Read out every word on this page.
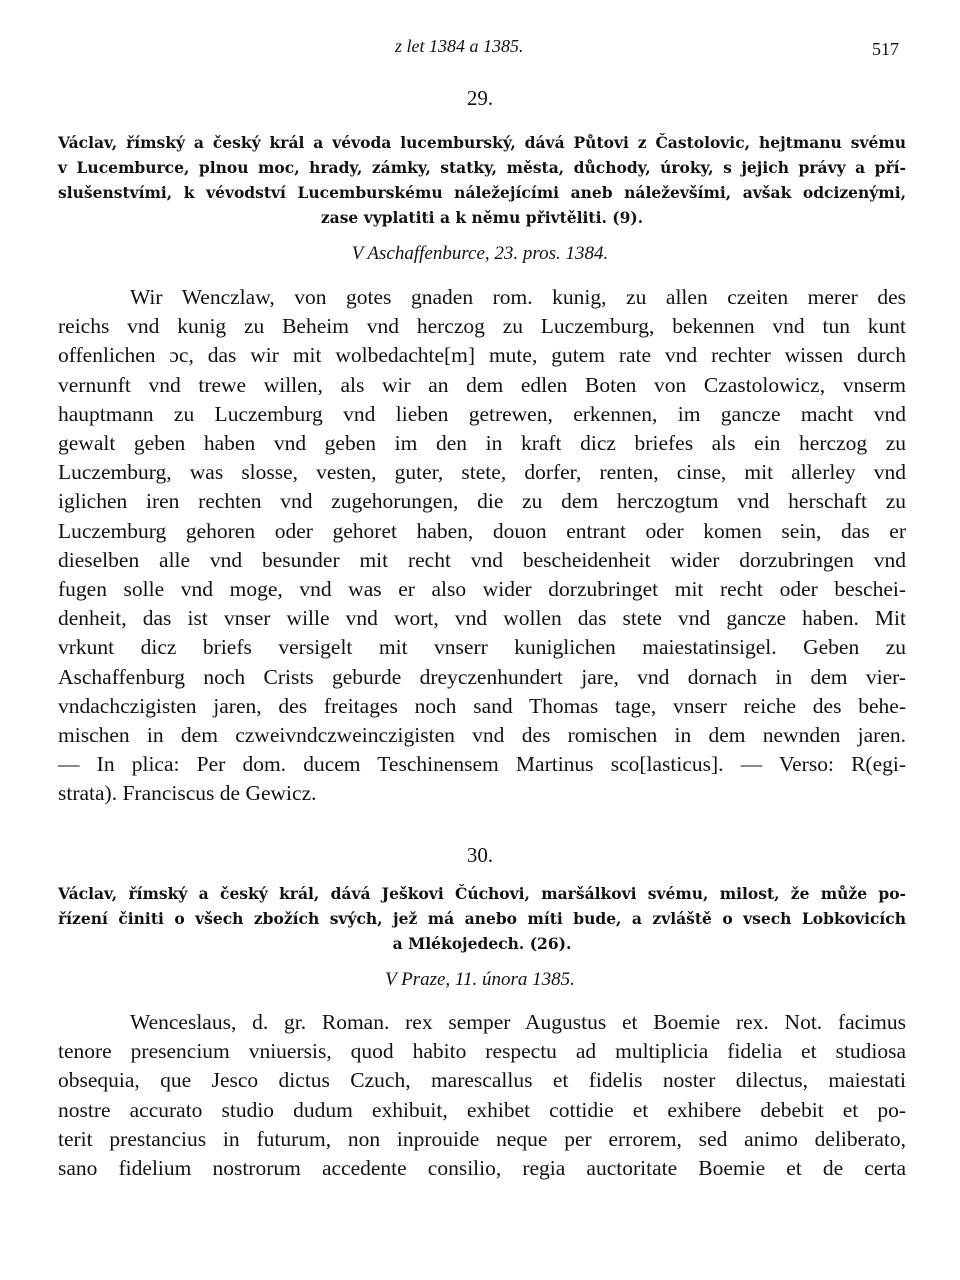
z let 1384 a 1385.	517
29.
Václav, římský a český král a vévoda lucemburský, dává Půtovi z Častolovic, hejtmanu svému
v Lucemburce, plnou moc, hrady, zámky, statky, města, důchody, úroky, s jejich právy a pří-
slušenstvími, k vévodství Lucemburskému náležejícími aneb náleževšími, avšak odcizenými,
zase vyplatiti a k němu přivtěliti. (9).
V Aschaffenburce, 23. pros. 1384.
Wir Wenczlaw, von gotes gnaden rom. kunig, zu allen czeiten merer des
reichs vnd kunig zu Beheim vnd herczog zu Luczemburg, bekennen vnd tun kunt
offenlichen ɔc, das wir mit wolbedachte[m] mute, gutem rate vnd rechter wissen durch
vernunft vnd trewe willen, als wir an dem edlen Boten von Czastolowicz, vnserm
hauptmann zu Luczemburg vnd lieben getrewen, erkennen, im gancze macht vnd
gewalt geben haben vnd geben im den in kraft dicz briefes als ein herczog zu
Luczemburg, was slosse, vesten, guter, stete, dorfer, renten, cinse, mit allerley vnd
iglichen iren rechten vnd zugehorungen, die zu dem herczogtum vnd herschaft zu
Luczemburg gehoren oder gehoret haben, douon entrant oder komen sein, das er
dieselben alle vnd besunder mit recht vnd bescheidenheit wider dorzubringen vnd
fugen solle vnd moge, vnd was er also wider dorzubringet mit recht oder beschei-
denheit, das ist vnser wille vnd wort, vnd wollen das stete vnd gancze haben. Mit
vrkunt dicz briefs versigelt mit vnserr kuniglichen maiestatinsigel. Geben zu
Aschaffenburg noch Crists geburde dreyczenhundert jare, vnd dornach in dem vier-
vndachczigisten jaren, des freitages noch sand Thomas tage, vnserr reiche des behe-
mischen in dem czweivndczweinczigisten vnd des romischen in dem newnden jaren.
— In plica: Per dom. ducem Teschinensem Martinus sco[lasticus]. — Verso: R(egi-
strata). Franciscus de Gewicz.
30.
Václav, římský a český král, dává Ješkovi Čúchovi, maršálkovi svému, milost, že může po-
řízení činiti o všech zbožích svých, jež má anebo míti bude, a zvláště o vsech Lobkovicích
a Mlékojedech. (26).
V Praze, 11. února 1385.
Wenceslaus, d. gr. Roman. rex semper Augustus et Boemie rex. Not. facimus
tenore presencium vniuersis, quod habito respectu ad multiplicia fidelia et studiosa
obsequia, que Jesco dictus Czuch, marescallus et fidelis noster dilectus, maiestati
nostre accurato studio dudum exhibuit, exhibet cottidie et exhibere debebit et po-
terit prestancius in futurum, non inprouide neque per errorem, sed animo deliberato,
sano fidelium nostrorum accedente consilio, regia auctoritate Boemie et de certa
